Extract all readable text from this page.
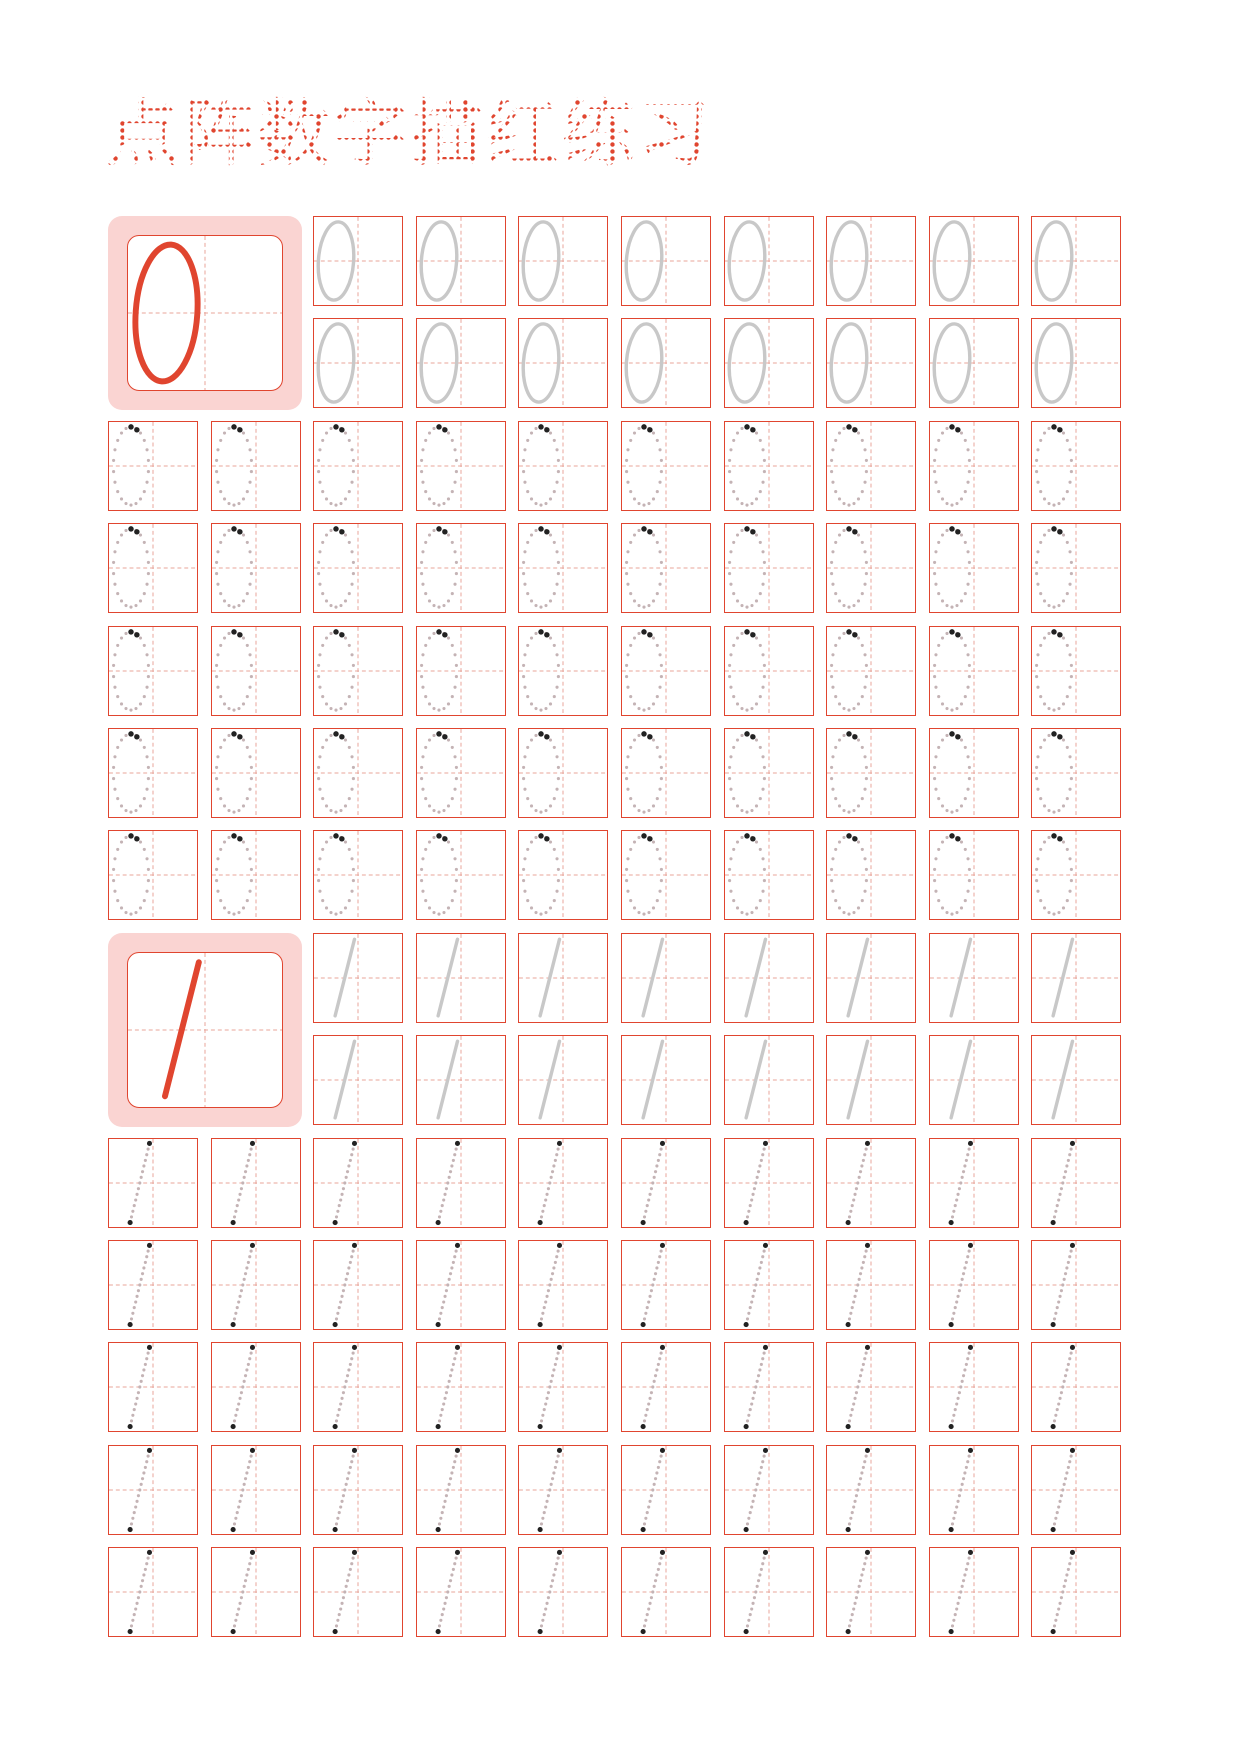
点阵数字描红练习
